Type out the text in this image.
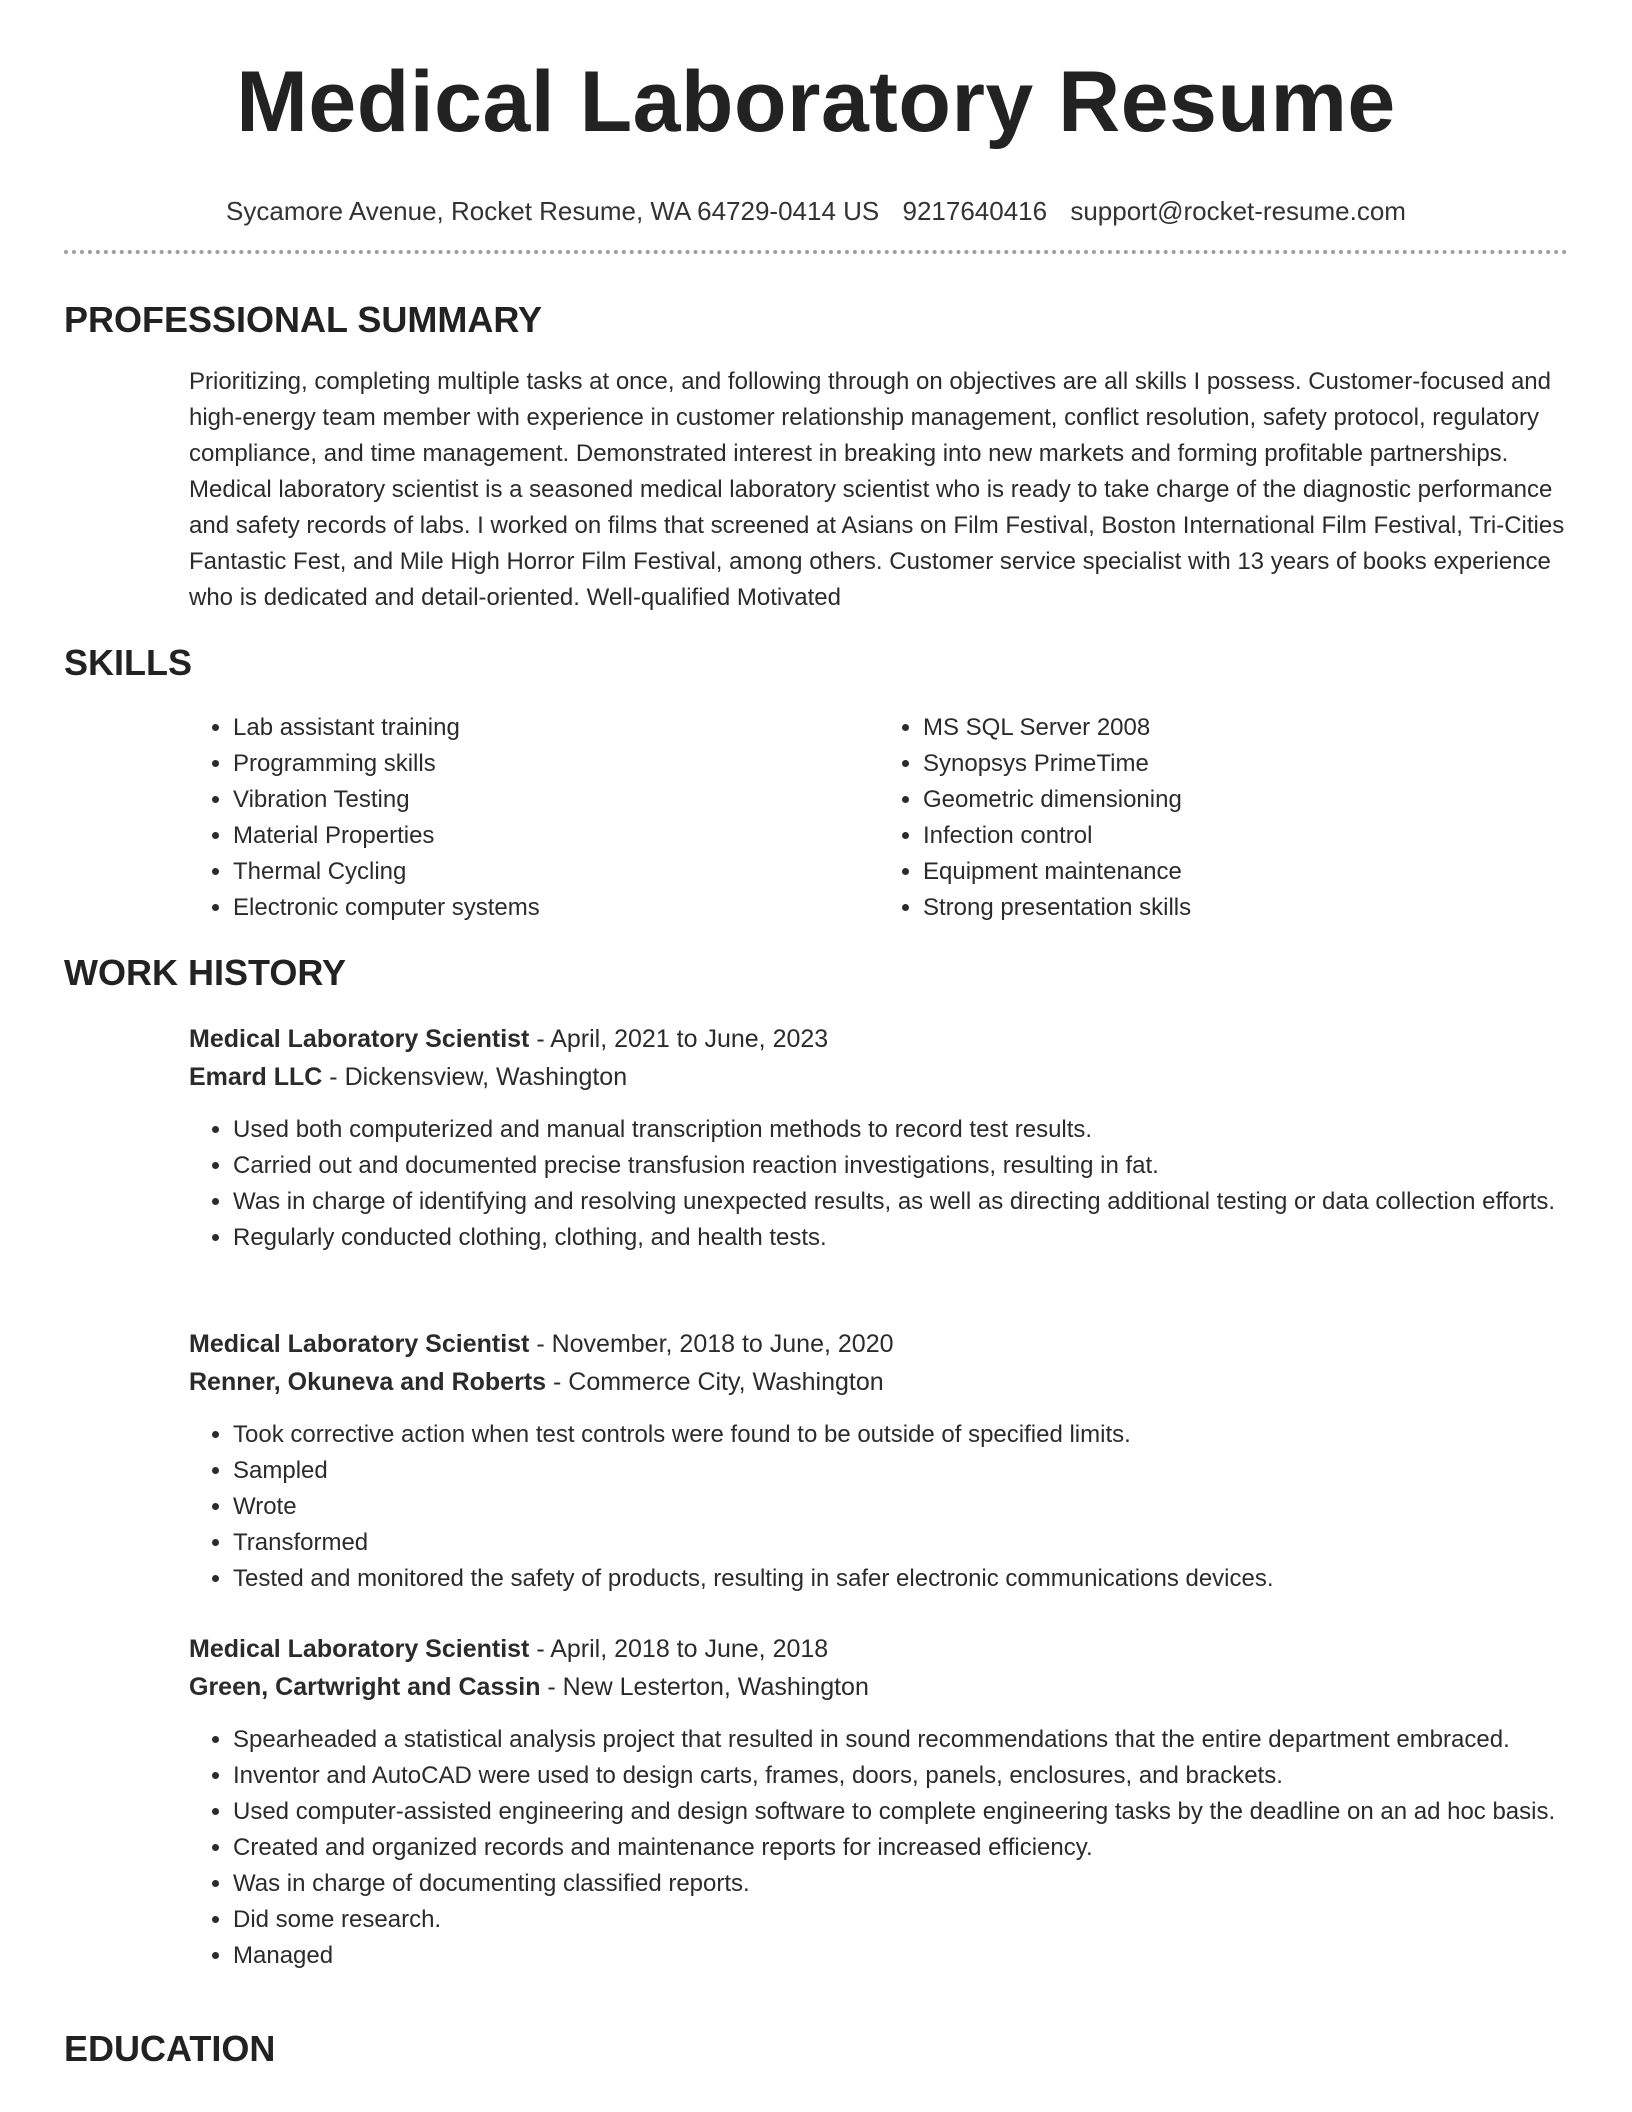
Medical Laboratory Resume
Sycamore Avenue, Rocket Resume, WA 64729-0414 US 9217640416 support@rocket-resume.com
PROFESSIONAL SUMMARY
Prioritizing, completing multiple tasks at once, and following through on objectives are all skills I possess. Customer-focused and high-energy team member with experience in customer relationship management, conflict resolution, safety protocol, regulatory compliance, and time management. Demonstrated interest in breaking into new markets and forming profitable partnerships. Medical laboratory scientist is a seasoned medical laboratory scientist who is ready to take charge of the diagnostic performance and safety records of labs. I worked on films that screened at Asians on Film Festival, Boston International Film Festival, Tri-Cities Fantastic Fest, and Mile High Horror Film Festival, among others. Customer service specialist with 13 years of books experience who is dedicated and detail-oriented. Well-qualified Motivated
SKILLS
• Lab assistant training
• Programming skills
• Vibration Testing
• Material Properties
• Thermal Cycling
• Electronic computer systems
• MS SQL Server 2008
• Synopsys PrimeTime
• Geometric dimensioning
• Infection control
• Equipment maintenance
• Strong presentation skills
WORK HISTORY
Medical Laboratory Scientist - April, 2021 to June, 2023
Emard LLC - Dickensview, Washington
• Used both computerized and manual transcription methods to record test results.
• Carried out and documented precise transfusion reaction investigations, resulting in fat.
• Was in charge of identifying and resolving unexpected results, as well as directing additional testing or data collection efforts.
• Regularly conducted clothing, clothing, and health tests.
Medical Laboratory Scientist - November, 2018 to June, 2020
Renner, Okuneva and Roberts - Commerce City, Washington
• Took corrective action when test controls were found to be outside of specified limits.
• Sampled
• Wrote
• Transformed
• Tested and monitored the safety of products, resulting in safer electronic communications devices.
Medical Laboratory Scientist - April, 2018 to June, 2018
Green, Cartwright and Cassin - New Lesterton, Washington
• Spearheaded a statistical analysis project that resulted in sound recommendations that the entire department embraced.
• Inventor and AutoCAD were used to design carts, frames, doors, panels, enclosures, and brackets.
• Used computer-assisted engineering and design software to complete engineering tasks by the deadline on an ad hoc basis.
• Created and organized records and maintenance reports for increased efficiency.
• Was in charge of documenting classified reports.
• Did some research.
• Managed
EDUCATION
